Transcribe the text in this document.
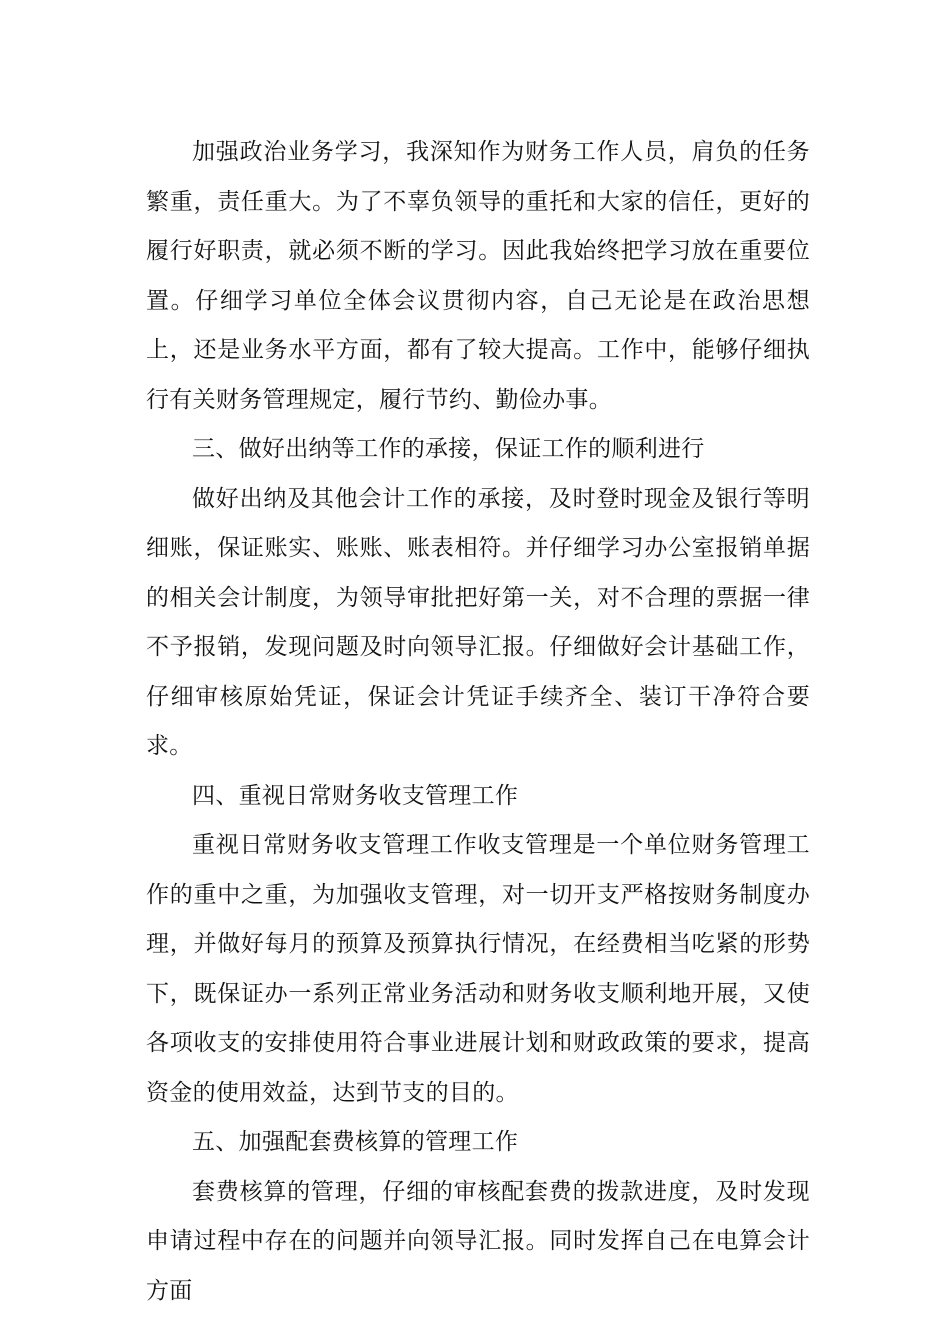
加强政治业务学习，我深知作为财务工作人员，肩负的任务繁重，责任重大。为了不辜负领导的重托和大家的信任，更好的履行好职责，就必须不断的学习。因此我始终把学习放在重要位置。仔细学习单位全体会议贯彻内容，自己无论是在政治思想上，还是业务水平方面，都有了较大提高。工作中，能够仔细执行有关财务管理规定，履行节约、勤俭办事。

三、做好出纳等工作的承接，保证工作的顺利进行

做好出纳及其他会计工作的承接，及时登时现金及银行等明细账，保证账实、账账、账表相符。并仔细学习办公室报销单据的相关会计制度，为领导审批把好第一关，对不合理的票据一律不予报销，发现问题及时向领导汇报。仔细做好会计基础工作，仔细审核原始凭证，保证会计凭证手续齐全、装订干净符合要求。

四、重视日常财务收支管理工作

重视日常财务收支管理工作收支管理是一个单位财务管理工作的重中之重，为加强收支管理，对一切开支严格按财务制度办理，并做好每月的预算及预算执行情况，在经费相当吃紧的形势下，既保证办一系列正常业务活动和财务收支顺利地开展，又使各项收支的安排使用符合事业进展计划和财政政策的要求，提高资金的使用效益，达到节支的目的。

五、加强配套费核算的管理工作

套费核算的管理，仔细的审核配套费的拨款进度，及时发现申请过程中存在的问题并向领导汇报。同时发挥自己在电算会计方面
